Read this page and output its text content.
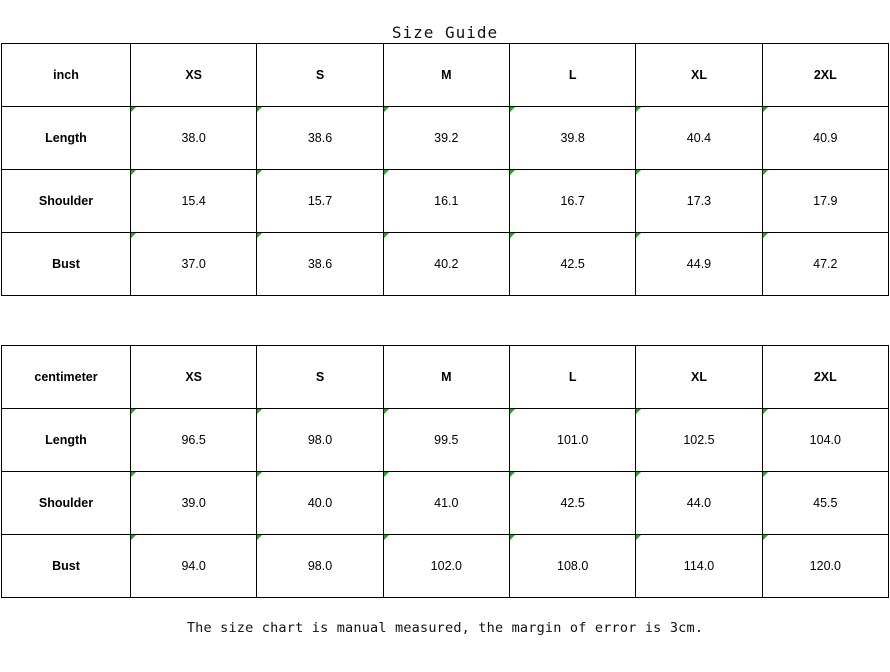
Size Guide
inch	XS	S	M	L	XL	2XL
Length	38.0	38.6	39.2	39.8	40.4	40.9
Shoulder	15.4	15.7	16.1	16.7	17.3	17.9
Bust	37.0	38.6	40.2	42.5	44.9	47.2
centimeter	XS	S	M	L	XL	2XL
Length	96.5	98.0	99.5	101.0	102.5	104.0
Shoulder	39.0	40.0	41.0	42.5	44.0	45.5
Bust	94.0	98.0	102.0	108.0	114.0	120.0
The size chart is manual measured, the margin of error is 3cm.
